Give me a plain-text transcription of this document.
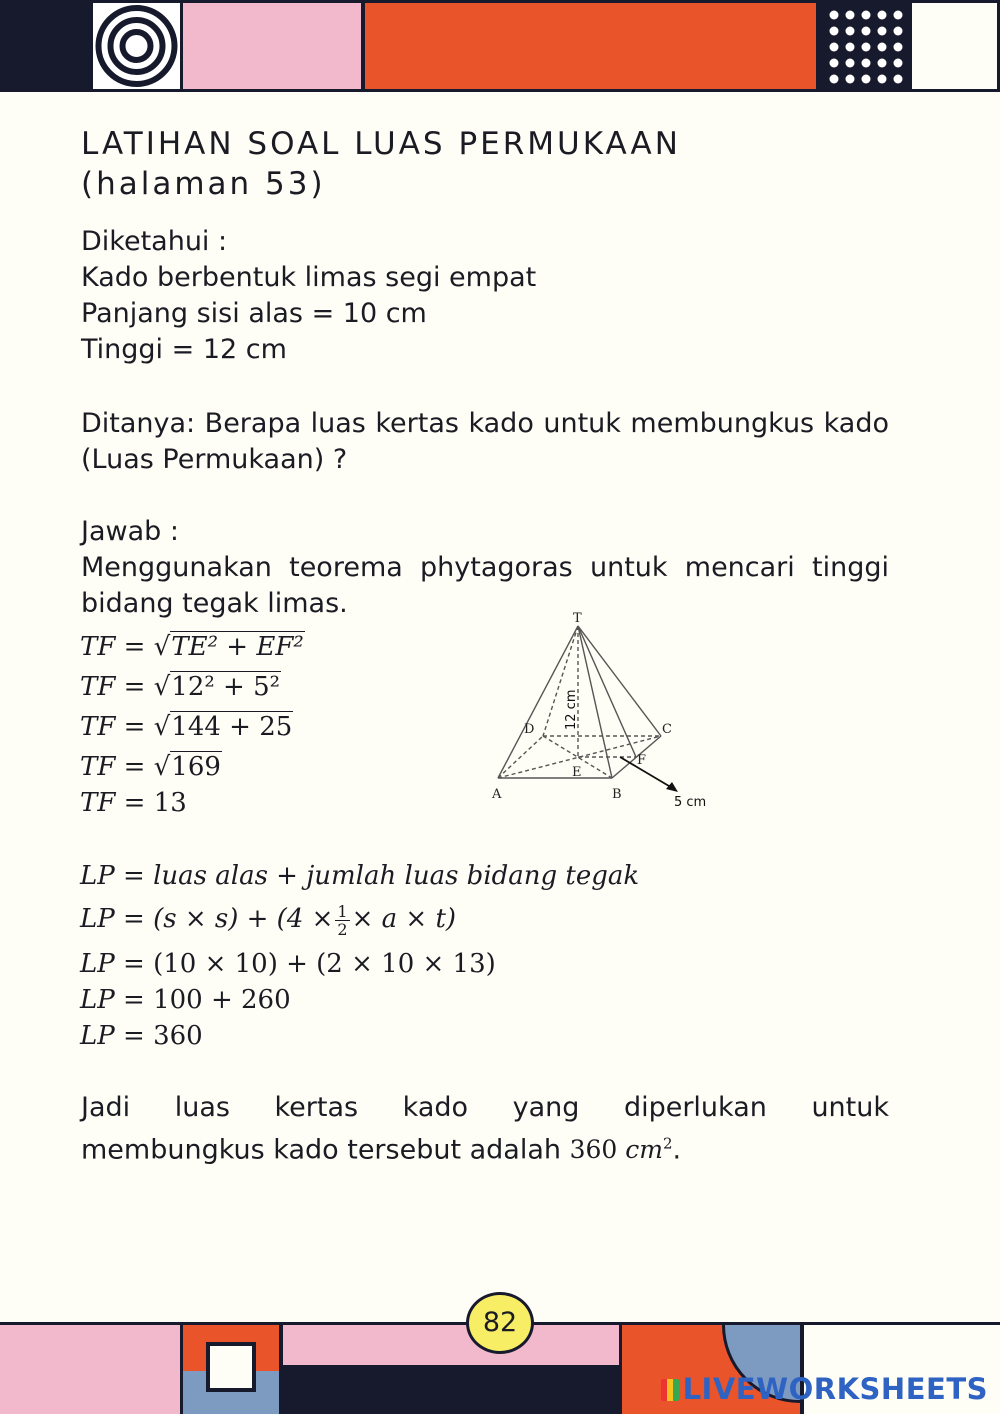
LATIHAN SOAL LUAS PERMUKAAN
(halaman 53)
Diketahui :
Kado berbentuk limas segi empat
Panjang sisi alas = 10 cm
Tinggi = 12 cm
Ditanya: Berapa luas kertas kado untuk membungkus kado (Luas Permukaan) ?
Jawab :
Menggunakan teorema phytagoras untuk mencari tinggi bidang tegak limas.
TF = √TE² + EF²
TF = √12² + 5²
TF = √144 + 25
TF = √169
TF = 13
T
D	C
A	B
E
F
12 cm
5 cm
LP = luas alas + jumlah luas bidang tegak
LP = $(s \times s) + (4 \times \frac{1}{2} \times a \times t)$
LP = (10 × 10) + (2 × 10 × 13)
LP = 100 + 260
LP = 360
Jadi luas kertas kado yang diperlukan untuk
membungkus kado tersebut adalah 360 $cm^2$.
82
LIVEWORKSHEETS
